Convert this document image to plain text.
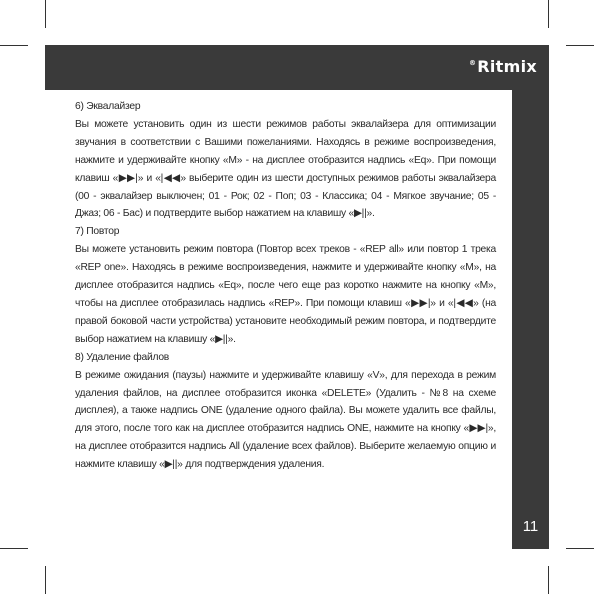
®Ritmix
11

6) Эквалайзер

Вы можете установить один из шести режимов работы эквалайзера для оптимизации звучания в соответствии с Вашими пожеланиями. Находясь в режиме воспроизведения, нажмите и удерживайте кнопку «М» - на дисплее отобразится надпись «Eq». При помощи клавиш «▶▶|» и «|◀◀» выберите один из шести доступных режимов работы эквалайзера (00 - эквалайзер выключен; 01 - Рок; 02 - Поп; 03 - Классика; 04 - Мягкое звучание; 05 - Джаз; 06 - Бас) и подтвердите выбор нажатием на клавишу «▶||».

7) Повтор

Вы можете установить режим повтора (Повтор всех треков - «REP all» или повтор 1 трека «REP one». Находясь в режиме воспроизведения, нажмите и удерживайте кнопку «М», на дисплее отобразится надпись «Eq», после чего еще раз коротко нажмите на кнопку «М», чтобы на дисплее отобразилась надпись «REP». При помощи клавиш «▶▶|» и «|◀◀» (на правой боковой части устройства) установите необходимый режим повтора, и подтвердите выбор нажатием на клавишу «▶||».

8) Удаление файлов

В режиме ожидания (паузы) нажмите и удерживайте клавишу «V», для перехода в режим удаления файлов, на дисплее отобразится иконка «DELETE» (Удалить - №8 на схеме дисплея), а также надпись ONE (удаление одного файла). Вы можете удалить все файлы, для этого, после того как на дисплее отобразится надпись ONE, нажмите на кнопку «▶▶|», на дисплее отобразится надпись All (удаление всех файлов). Выберите желаемую опцию и нажмите клавишу «▶||» для подтверждения удаления.
